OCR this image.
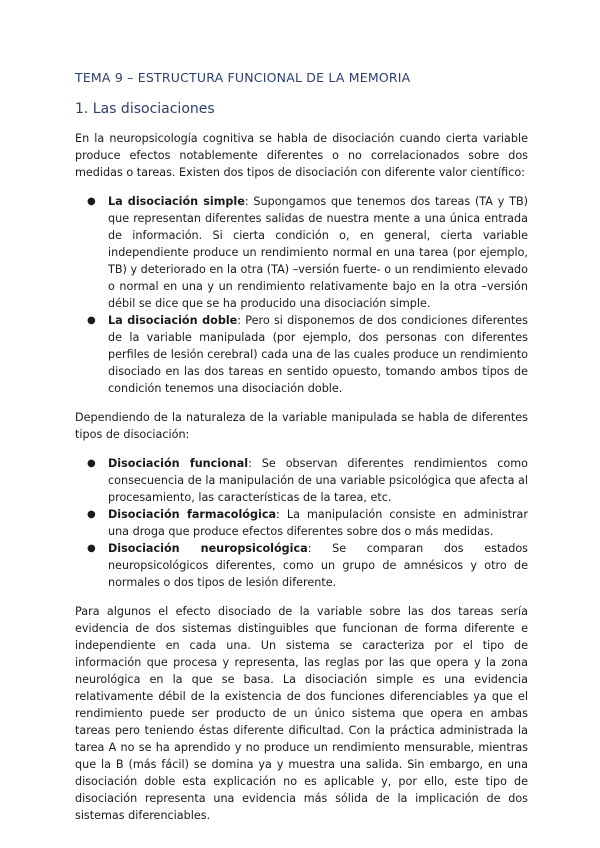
TEMA 9 – ESTRUCTURA FUNCIONAL DE LA MEMORIA
1. Las disociaciones

En la neuropsicología cognitiva se habla de disociación cuando cierta variable produce efectos notablemente diferentes o no correlacionados sobre dos medidas o tareas. Existen dos tipos de disociación con diferente valor científico:

● La disociación simple: Supongamos que tenemos dos tareas (TA y TB) que representan diferentes salidas de nuestra mente a una única entrada de información. Si cierta condición o, en general, cierta variable independiente produce un rendimiento normal en una tarea (por ejemplo, TB) y deteriorado en la otra (TA) –versión fuerte- o un rendimiento elevado o normal en una y un rendimiento relativamente bajo en la otra –versión débil se dice que se ha producido una disociación simple.
● La disociación doble: Pero si disponemos de dos condiciones diferentes de la variable manipulada (por ejemplo, dos personas con diferentes perfiles de lesión cerebral) cada una de las cuales produce un rendimiento disociado en las dos tareas en sentido opuesto, tomando ambos tipos de condición tenemos una disociación doble.

Dependiendo de la naturaleza de la variable manipulada se habla de diferentes tipos de disociación:

● Disociación funcional: Se observan diferentes rendimientos como consecuencia de la manipulación de una variable psicológica que afecta al procesamiento, las características de la tarea, etc.
● Disociación farmacológica: La manipulación consiste en administrar una droga que produce efectos diferentes sobre dos o más medidas.
● Disociación neuropsicológica: Se comparan dos estados neuropsicológicos diferentes, como un grupo de amnésicos y otro de normales o dos tipos de lesión diferente.

Para algunos el efecto disociado de la variable sobre las dos tareas sería evidencia de dos sistemas distinguibles que funcionan de forma diferente e independiente en cada una. Un sistema se caracteriza por el tipo de información que procesa y representa, las reglas por las que opera y la zona neurológica en la que se basa. La disociación simple es una evidencia relativamente débil de la existencia de dos funciones diferenciables ya que el rendimiento puede ser producto de un único sistema que opera en ambas tareas pero teniendo éstas diferente dificultad. Con la práctica administrada la tarea A no se ha aprendido y no produce un rendimiento mensurable, mientras que la B (más fácil) se domina ya y muestra una salida. Sin embargo, en una disociación doble esta explicación no es aplicable y, por ello, este tipo de disociación representa una evidencia más sólida de la implicación de dos sistemas diferenciables.
